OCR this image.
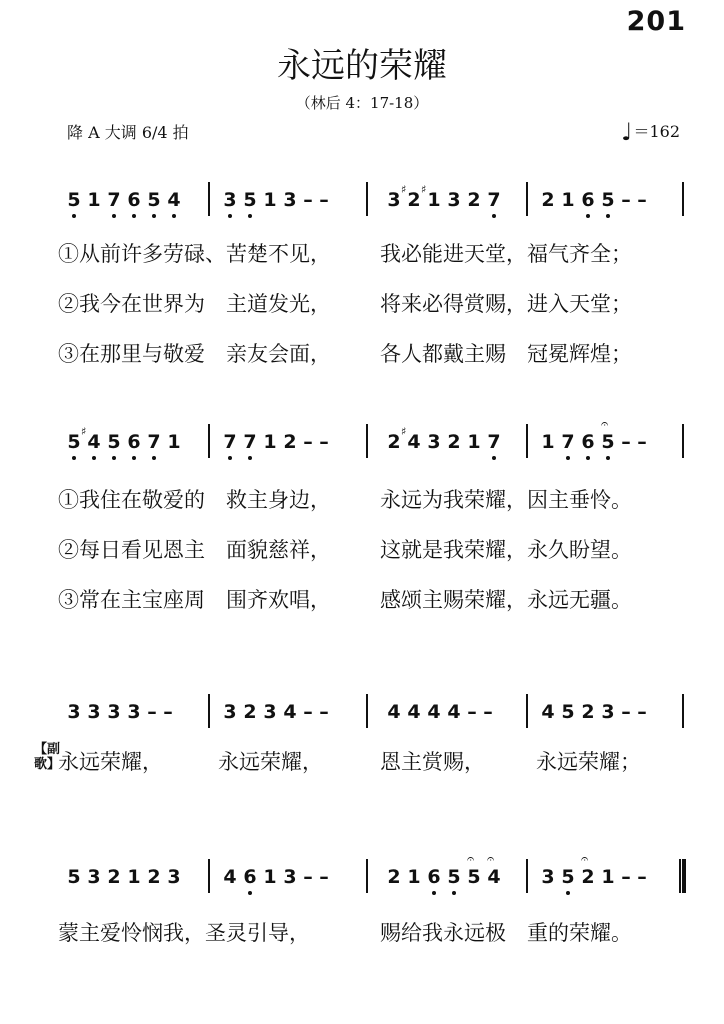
201
永远的荣耀
（林后 4：17-18）
降 A 大调 6/4 拍	♩＝162
5 1 7 6 5 4 3 5 1 3 – –	3 2
♯ 1
♯ 3 2 7 2 1 6 5 – –
①从前许多劳碌、苦楚不见， 我必能进天堂，福气齐全；
②我今在世界为　主道发光， 将来必得赏赐，进入天堂；
③在那里与敬爱　亲友会面， 各人都戴主赐　冠冕辉煌；
5 4
♯ 5 6 7 1 7 7 1 2 – –	2 4
♯ 3 2 1 7 1 7 6 5
𝄐
– –
①我住在敬爱的　救主身边， 永远为我荣耀，因主垂怜。
②每日看见恩主　面貌慈祥， 这就是我荣耀，永久盼望。
③常在主宝座周　围齐欢唱， 感颂主赐荣耀，永远无疆。
3 3 3 3 – –	3 2 3 4 – –	4 4 4 4 – –	4 5 2 3 – –
永远荣耀，	永远荣耀，	恩主赏赐， 永远荣耀；
5 3 2 1 2 3 4 6 1 3 – –	2 1 6 5 5
𝄐
4
𝄐
3 5 2
𝄐
1 – –
蒙主爱怜悯我，圣灵引导，	赐给我永远极　重的荣耀。
【副歌】
